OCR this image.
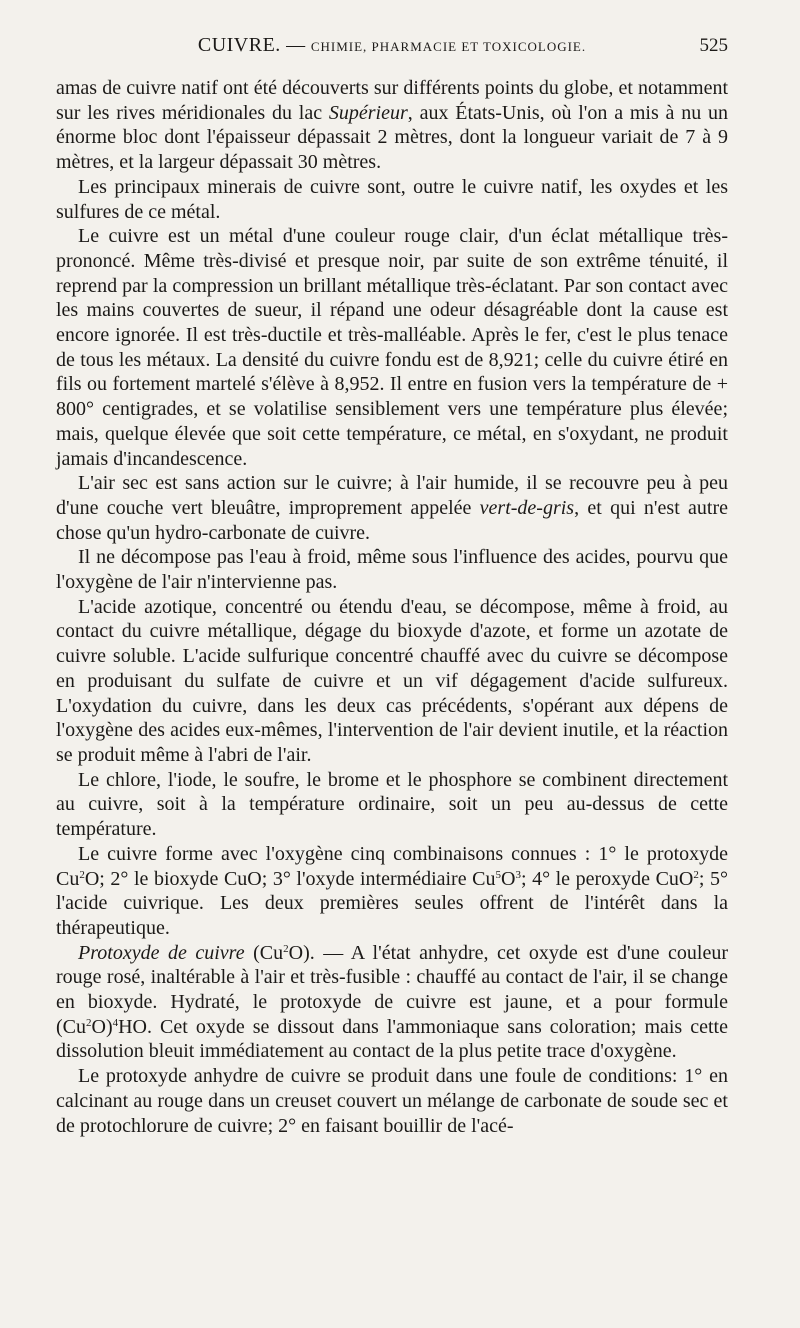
CUIVRE. — CHIMIE, PHARMACIE ET TOXICOLOGIE.	525

amas de cuivre natif ont été découverts sur différents points du globe, et notamment sur les rives méridionales du lac Supérieur, aux États-Unis, où l'on a mis à nu un énorme bloc dont l'épaisseur dépassait 2 mètres, dont la longueur variait de 7 à 9 mètres, et la largeur dépassait 30 mètres.

Les principaux minerais de cuivre sont, outre le cuivre natif, les oxydes et les sulfures de ce métal.

Le cuivre est un métal d'une couleur rouge clair, d'un éclat métallique très-prononcé. Même très-divisé et presque noir, par suite de son extrême ténuité, il reprend par la compression un brillant métallique très-éclatant. Par son contact avec les mains couvertes de sueur, il répand une odeur désagréable dont la cause est encore ignorée. Il est très-ductile et très-malléable. Après le fer, c'est le plus tenace de tous les métaux. La densité du cuivre fondu est de 8,921; celle du cuivre étiré en fils ou fortement martelé s'élève à 8,952. Il entre en fusion vers la température de + 800° centigrades, et se volatilise sensiblement vers une température plus élevée; mais, quelque élevée que soit cette température, ce métal, en s'oxydant, ne produit jamais d'incandescence.

L'air sec est sans action sur le cuivre; à l'air humide, il se recouvre peu à peu d'une couche vert bleuâtre, improprement appelée vert-de-gris, et qui n'est autre chose qu'un hydro-carbonate de cuivre.

Il ne décompose pas l'eau à froid, même sous l'influence des acides, pourvu que l'oxygène de l'air n'intervienne pas.

L'acide azotique, concentré ou étendu d'eau, se décompose, même à froid, au contact du cuivre métallique, dégage du bioxyde d'azote, et forme un azotate de cuivre soluble. L'acide sulfurique concentré chauffé avec du cuivre se décompose en produisant du sulfate de cuivre et un vif dégagement d'acide sulfureux. L'oxydation du cuivre, dans les deux cas précédents, s'opérant aux dépens de l'oxygène des acides eux-mêmes, l'intervention de l'air devient inutile, et la réaction se produit même à l'abri de l'air.

Le chlore, l'iode, le soufre, le brome et le phosphore se combinent directement au cuivre, soit à la température ordinaire, soit un peu au-dessus de cette température.

Le cuivre forme avec l'oxygène cinq combinaisons connues : 1° le protoxyde Cu$^2$O; 2° le bioxyde CuO; 3° l'oxyde intermédiaire $Cu^5O^3$; 4° le peroxyde CuO$^2$; 5° l'acide cuivrique. Les deux premières seules offrent de l'intérêt dans la thérapeutique.

Protoxyde de cuivre (Cu$^2$O). — A l'état anhydre, cet oxyde est d'une couleur rouge rosé, inaltérable à l'air et très-fusible : chauffé au contact de l'air, il se change en bioxyde. Hydraté, le protoxyde de cuivre est jaune, et a pour formule $(Cu^2O)^4HO$. Cet oxyde se dissout dans l'ammoniaque sans coloration; mais cette dissolution bleuit immédiatement au contact de la plus petite trace d'oxygène.

Le protoxyde anhydre de cuivre se produit dans une foule de conditions: 1° en calcinant au rouge dans un creuset couvert un mélange de carbonate de soude sec et de protochlorure de cuivre; 2° en faisant bouillir de l'acé-
